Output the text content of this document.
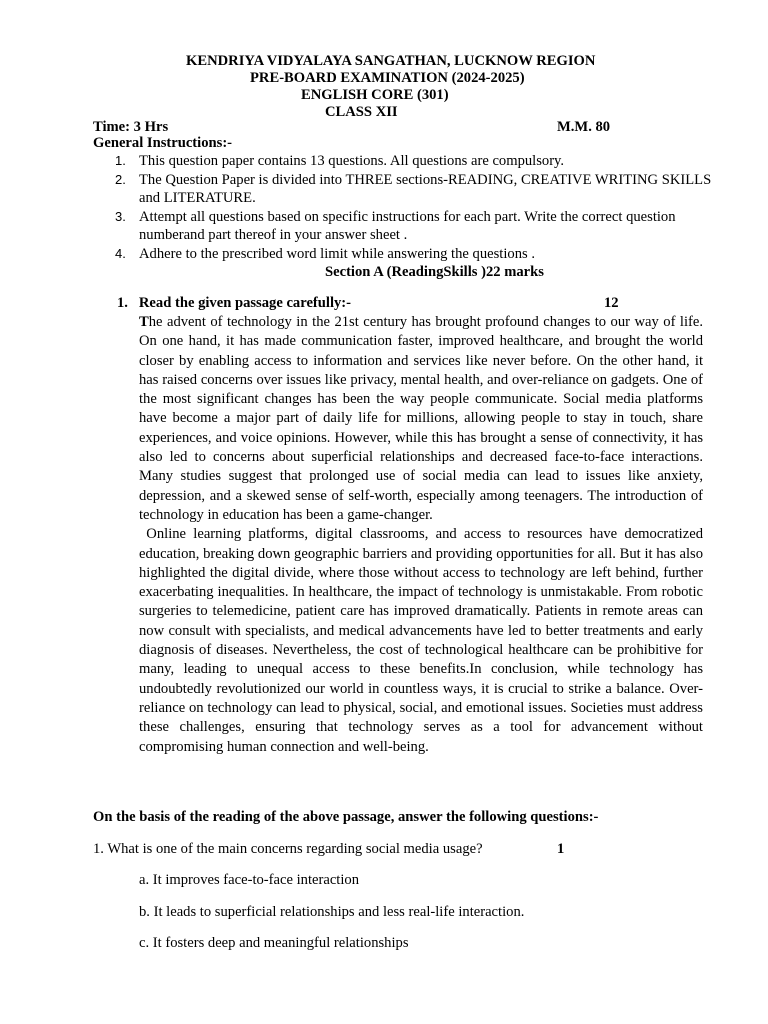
KENDRIYA VIDYALAYA SANGATHAN, LUCKNOW REGION
PRE-BOARD EXAMINATION (2024-2025)
ENGLISH CORE (301)
CLASS XII
Time: 3 Hrs	M.M. 80
General Instructions:-
1. This question paper contains 13 questions. All questions are compulsory.
2. The Question Paper is divided into THREE sections-READING, CREATIVE WRITING SKILLS and LITERATURE.
3. Attempt all questions based on specific instructions for each part. Write the correct question numberand part thereof in your answer sheet .
4. Adhere to the prescribed word limit while answering the questions .
Section A (ReadingSkills )22 marks
1.   Read the given passage carefully:-	12

The advent of technology in the 21st century has brought profound changes to our way of life. On one hand, it has made communication faster, improved healthcare, and brought the world closer by enabling access to information and services like never before. On the other hand, it has raised concerns over issues like privacy, mental health, and over-reliance on gadgets. One of the most significant changes has been the way people communicate. Social media platforms have become a major part of daily life for millions, allowing people to stay in touch, share experiences, and voice opinions. However, while this has brought a sense of connectivity, it has also led to concerns about superficial relationships and decreased face-to-face interactions. Many studies suggest that prolonged use of social media can lead to issues like anxiety, depression, and a skewed sense of self-worth, especially among teenagers. The introduction of technology in education has been a game-changer.

Online learning platforms, digital classrooms, and access to resources have democratized education, breaking down geographic barriers and providing opportunities for all. But it has also highlighted the digital divide, where those without access to technology are left behind, further exacerbating inequalities. In healthcare, the impact of technology is unmistakable. From robotic surgeries to telemedicine, patient care has improved dramatically. Patients in remote areas can now consult with specialists, and medical advancements have led to better treatments and early diagnosis of diseases. Nevertheless, the cost of technological healthcare can be prohibitive for many, leading to unequal access to these benefits.In conclusion, while technology has undoubtedly revolutionized our world in countless ways, it is crucial to strike a balance. Over-reliance on technology can lead to physical, social, and emotional issues. Societies must address these challenges, ensuring that technology serves as a tool for advancement without compromising human connection and well-being.

On the basis of the reading of the above passage, answer the following questions:-
1. What is one of the main concerns regarding social media usage?	1
a. It improves face-to-face interaction
b. It leads to superficial relationships and less real-life interaction.
c. It fosters deep and meaningful relationships
